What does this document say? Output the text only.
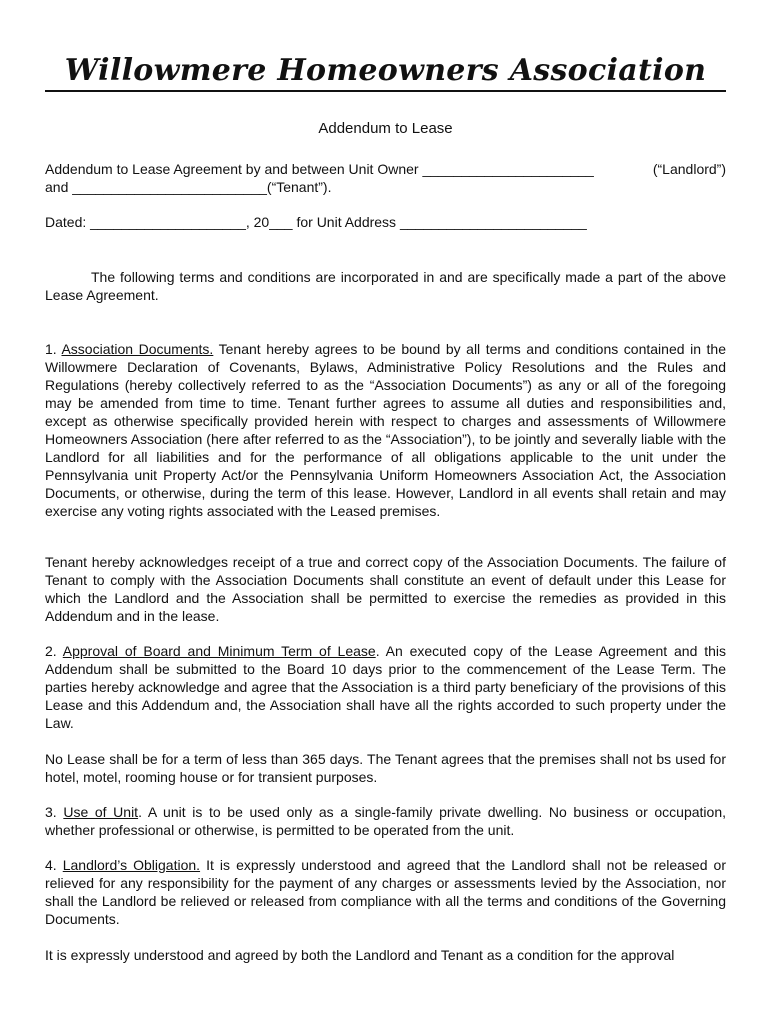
Willowmere Homeowners Association
Addendum to Lease
Addendum to Lease Agreement by and between Unit Owner ______________________	(“Landlord”)
and _________________________(“Tenant”).
Dated: ____________________, 20___ for Unit Address ________________________
The following terms and conditions are incorporated in and are specifically made a part of the above Lease Agreement.
1. Association Documents. Tenant hereby agrees to be bound by all terms and conditions contained in the Willowmere Declaration of Covenants, Bylaws, Administrative Policy Resolutions and the Rules and Regulations (hereby collectively referred to as the “Association Documents”) as any or all of the foregoing may be amended from time to time. Tenant further agrees to assume all duties and responsibilities and, except as otherwise specifically provided herein with respect to charges and assessments of Willowmere Homeowners Association (here after referred to as the “Association”), to be jointly and severally liable with the Landlord for all liabilities and for the performance of all obligations applicable to the unit under the Pennsylvania unit Property Act/or the Pennsylvania Uniform Homeowners Association Act, the Association Documents, or otherwise, during the term of this lease. However, Landlord in all events shall retain and may exercise any voting rights associated with the Leased premises.
Tenant hereby acknowledges receipt of a true and correct copy of the Association Documents. The failure of Tenant to comply with the Association Documents shall constitute an event of default under this Lease for which the Landlord and the Association shall be permitted to exercise the remedies as provided in this Addendum and in the lease.
2. Approval of Board and Minimum Term of Lease. An executed copy of the Lease Agreement and this Addendum shall be submitted to the Board 10 days prior to the commencement of the Lease Term. The parties hereby acknowledge and agree that the Association is a third party beneficiary of the provisions of this Lease and this Addendum and, the Association shall have all the rights accorded to such property under the Law.
No Lease shall be for a term of less than 365 days. The Tenant agrees that the premises shall not bs used for hotel, motel, rooming house or for transient purposes.
3. Use of Unit. A unit is to be used only as a single-family private dwelling. No business or occupation, whether professional or otherwise, is permitted to be operated from the unit.
4. Landlord’s Obligation. It is expressly understood and agreed that the Landlord shall not be released or relieved for any responsibility for the payment of any charges or assessments levied by the Association, nor shall the Landlord be relieved or released from compliance with all the terms and conditions of the Governing Documents.
It is expressly understood and agreed by both the Landlord and Tenant as a condition for the approval
